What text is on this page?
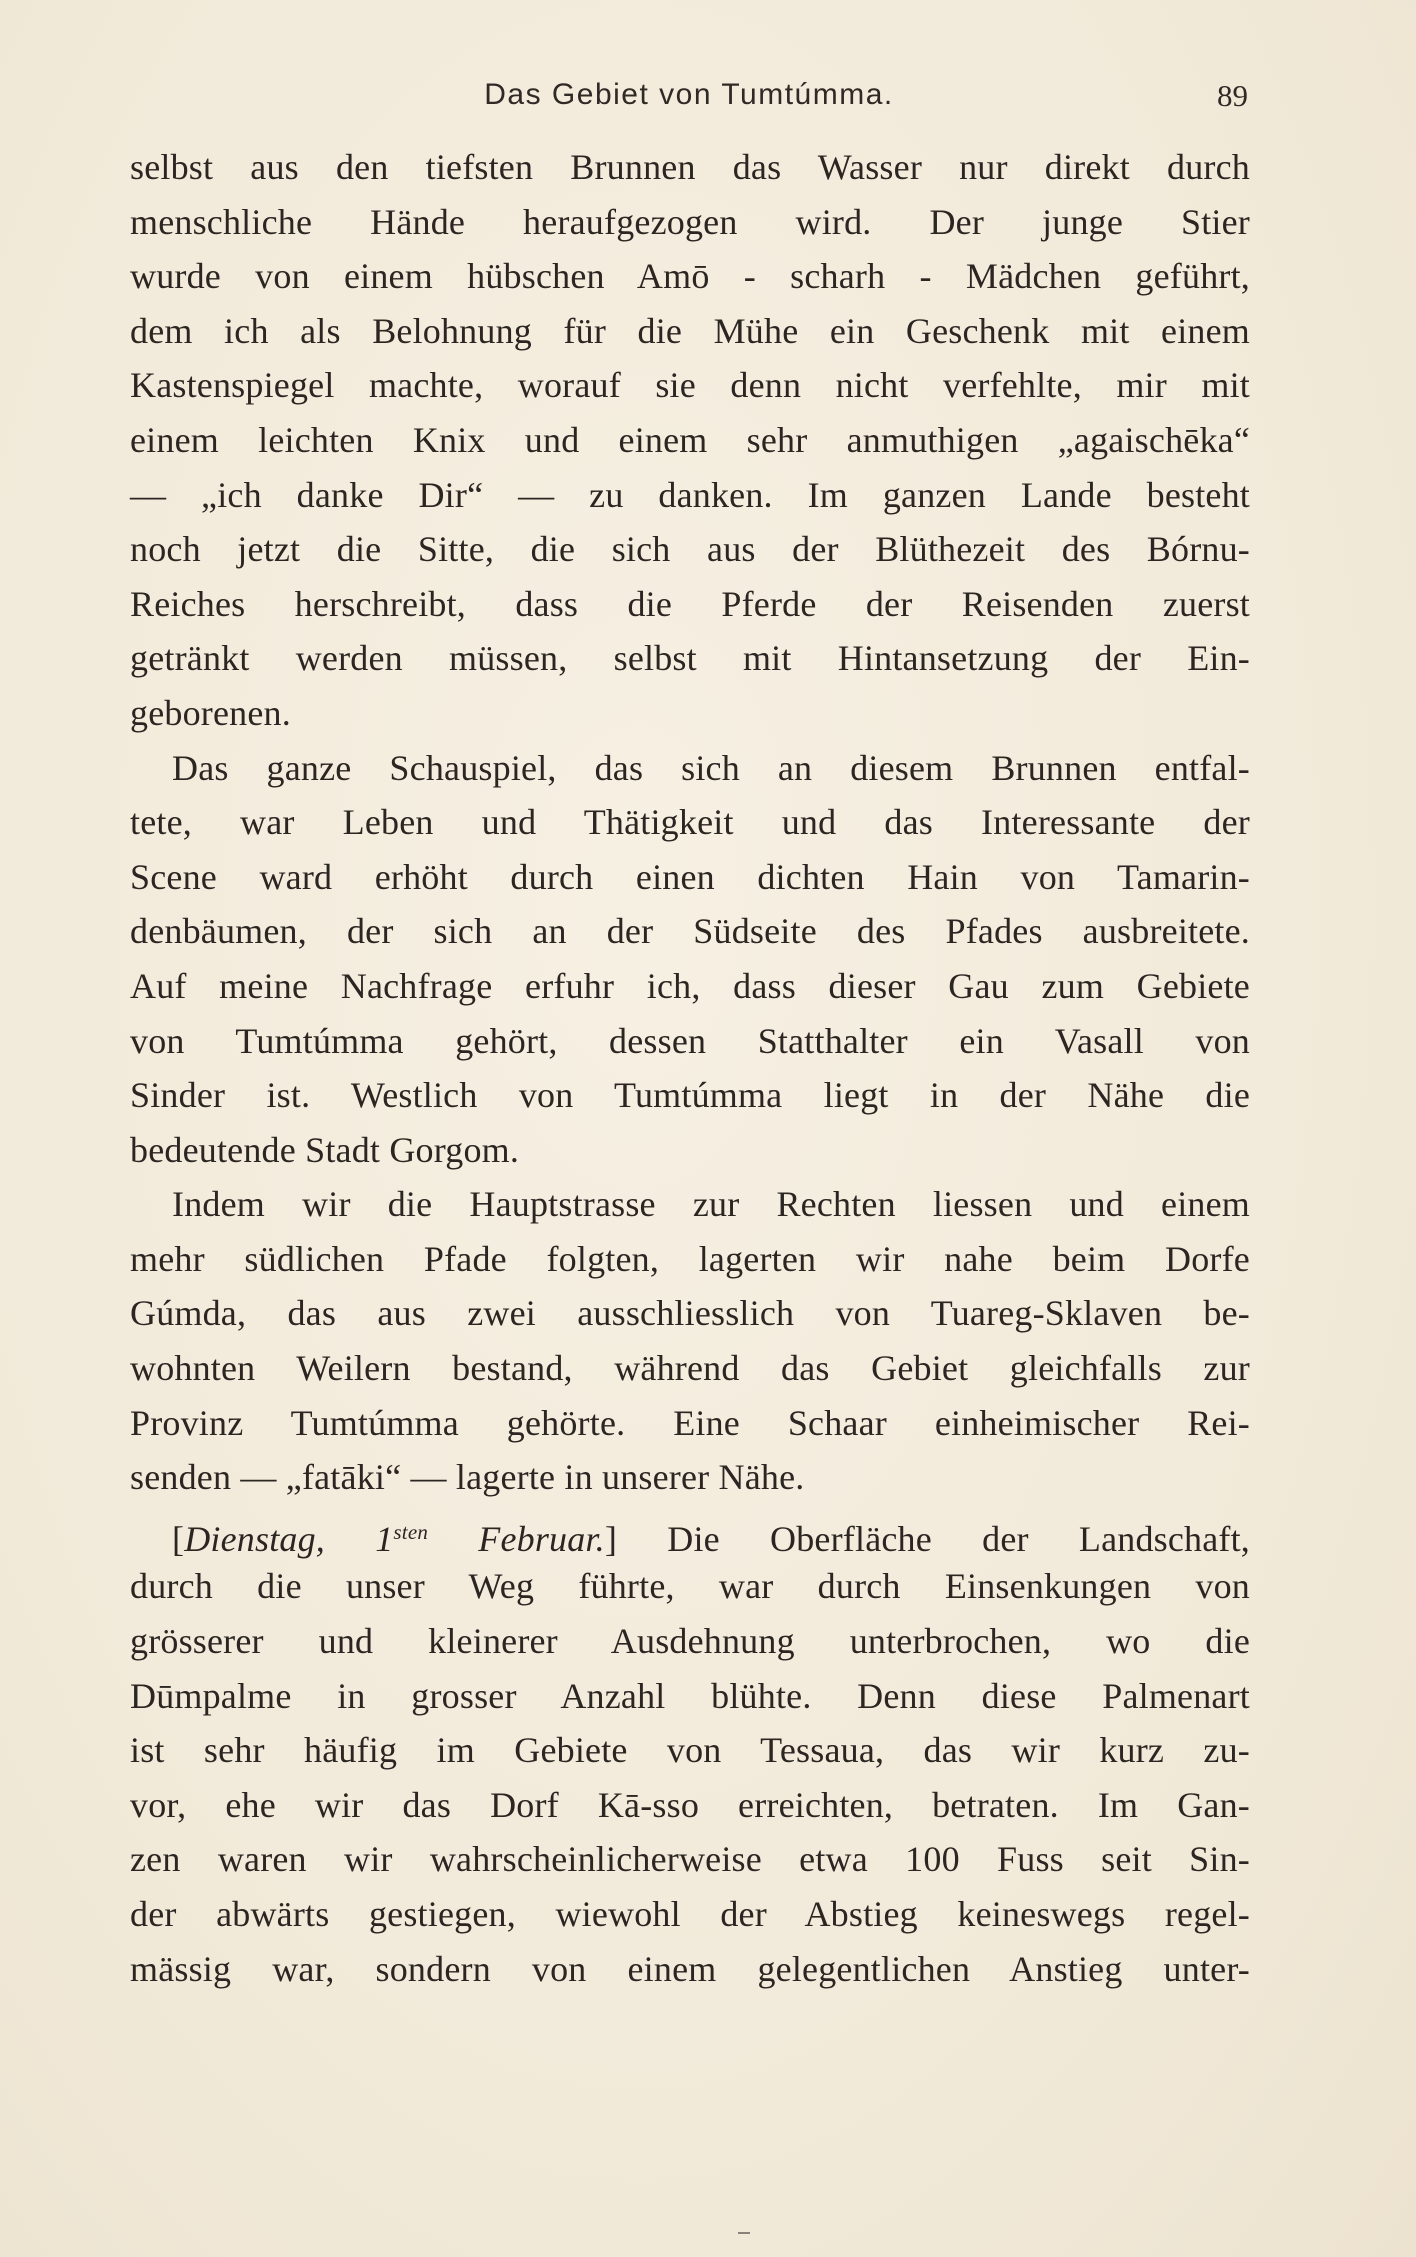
Das Gebiet von Tumtúmma.	89
selbst aus den tiefsten Brunnen das Wasser nur direkt durch
menschliche Hände heraufgezogen wird. Der junge Stier
wurde von einem hübschen Amō - scharh - Mädchen geführt,
dem ich als Belohnung für die Mühe ein Geschenk mit einem
Kastenspiegel machte, worauf sie denn nicht verfehlte, mir mit
einem leichten Knix und einem sehr anmuthigen „agaischēka“
— „ich danke Dir“ — zu danken. Im ganzen Lande besteht
noch jetzt die Sitte, die sich aus der Blüthezeit des Bórnu-
Reiches herschreibt, dass die Pferde der Reisenden zuerst
getränkt werden müssen, selbst mit Hintansetzung der Ein-
geborenen.
Das ganze Schauspiel, das sich an diesem Brunnen entfal-
tete, war Leben und Thätigkeit und das Interessante der
Scene ward erhöht durch einen dichten Hain von Tamarin-
denbäumen, der sich an der Südseite des Pfades ausbreitete.
Auf meine Nachfrage erfuhr ich, dass dieser Gau zum Gebiete
von Tumtúmma gehört, dessen Statthalter ein Vasall von
Sinder ist. Westlich von Tumtúmma liegt in der Nähe die
bedeutende Stadt Gorgom.
Indem wir die Hauptstrasse zur Rechten liessen und einem
mehr südlichen Pfade folgten, lagerten wir nahe beim Dorfe
Gúmda, das aus zwei ausschliesslich von Tuareg-Sklaven be-
wohnten Weilern bestand, während das Gebiet gleichfalls zur
Provinz Tumtúmma gehörte. Eine Schaar einheimischer Rei-
senden — „fatāki“ — lagerte in unserer Nähe.
[Dienstag, $1^{sten}$ Februar.] Die Oberfläche der Landschaft,
durch die unser Weg führte, war durch Einsenkungen von
grösserer und kleinerer Ausdehnung unterbrochen, wo die
Dūmpalme in grosser Anzahl blühte. Denn diese Palmenart
ist sehr häufig im Gebiete von Tessaua, das wir kurz zu-
vor, ehe wir das Dorf Kā-sso erreichten, betraten. Im Gan-
zen waren wir wahrscheinlicherweise etwa 100 Fuss seit Sin-
der abwärts gestiegen, wiewohl der Abstieg keineswegs regel-
mässig war, sondern von einem gelegentlichen Anstieg unter-
